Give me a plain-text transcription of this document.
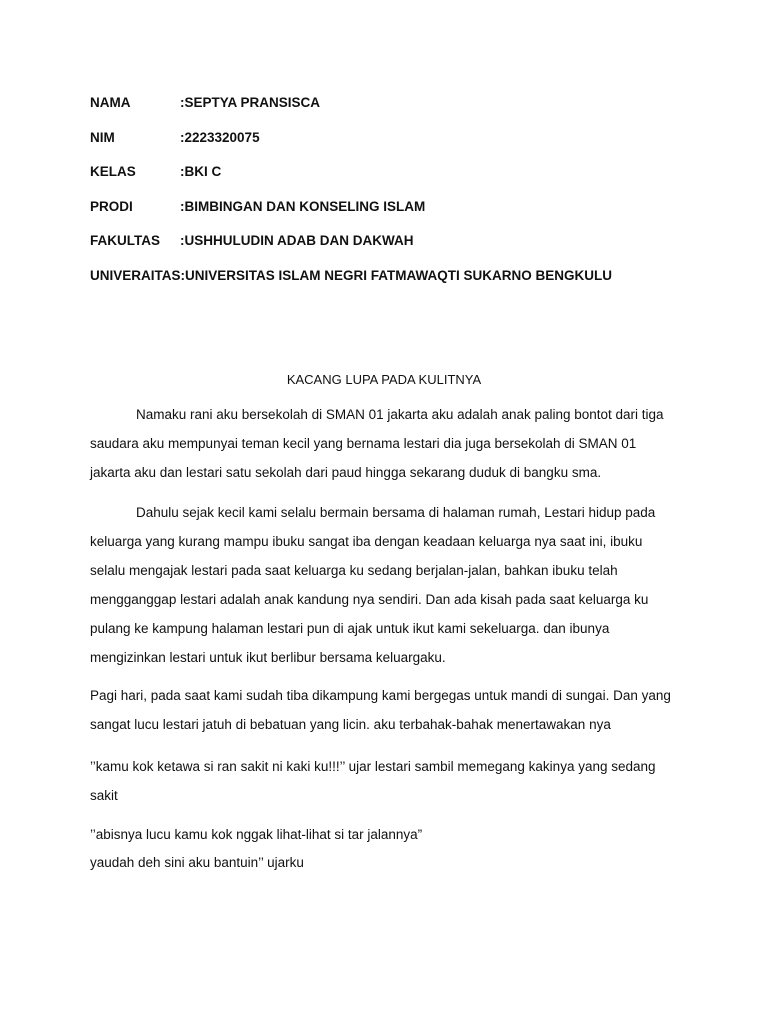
NAMA	:SEPTYA PRANSISCA
NIM	:2223320075
KELAS	:BKI C
PRODI	:BIMBINGAN DAN KONSELING ISLAM
FAKULTAS :USHHULUDIN ADAB DAN DAKWAH
UNIVERAITAS:UNIVERSITAS ISLAM NEGRI FATMAWAQTI SUKARNO BENGKULU
KACANG LUPA PADA KULITNYA

Namaku rani aku bersekolah di SMAN 01 jakarta aku adalah anak paling bontot dari tiga saudara aku mempunyai teman kecil yang bernama lestari dia juga bersekolah di SMAN 01 jakarta aku dan lestari satu sekolah dari paud hingga sekarang duduk di bangku sma.

Dahulu sejak kecil kami selalu bermain bersama di halaman rumah, Lestari hidup pada keluarga yang kurang mampu ibuku sangat iba dengan keadaan keluarga nya saat ini, ibuku selalu mengajak lestari pada saat keluarga ku sedang berjalan-jalan, bahkan ibuku telah mengganggap lestari adalah anak kandung nya sendiri. Dan ada kisah pada saat keluarga ku pulang ke kampung halaman lestari pun di ajak untuk ikut kami sekeluarga. dan ibunya mengizinkan lestari untuk ikut berlibur bersama keluargaku.

Pagi hari, pada saat kami sudah tiba dikampung kami bergegas untuk mandi di sungai. Dan yang sangat lucu lestari jatuh di bebatuan yang licin. aku terbahak-bahak menertawakan nya

’’kamu kok ketawa si ran sakit ni kaki ku!!!’’ ujar lestari sambil memegang kakinya yang sedang sakit

’’abisnya lucu kamu kok nggak lihat-lihat si tar jalannya”
yaudah deh sini aku bantuin’’ ujarku
